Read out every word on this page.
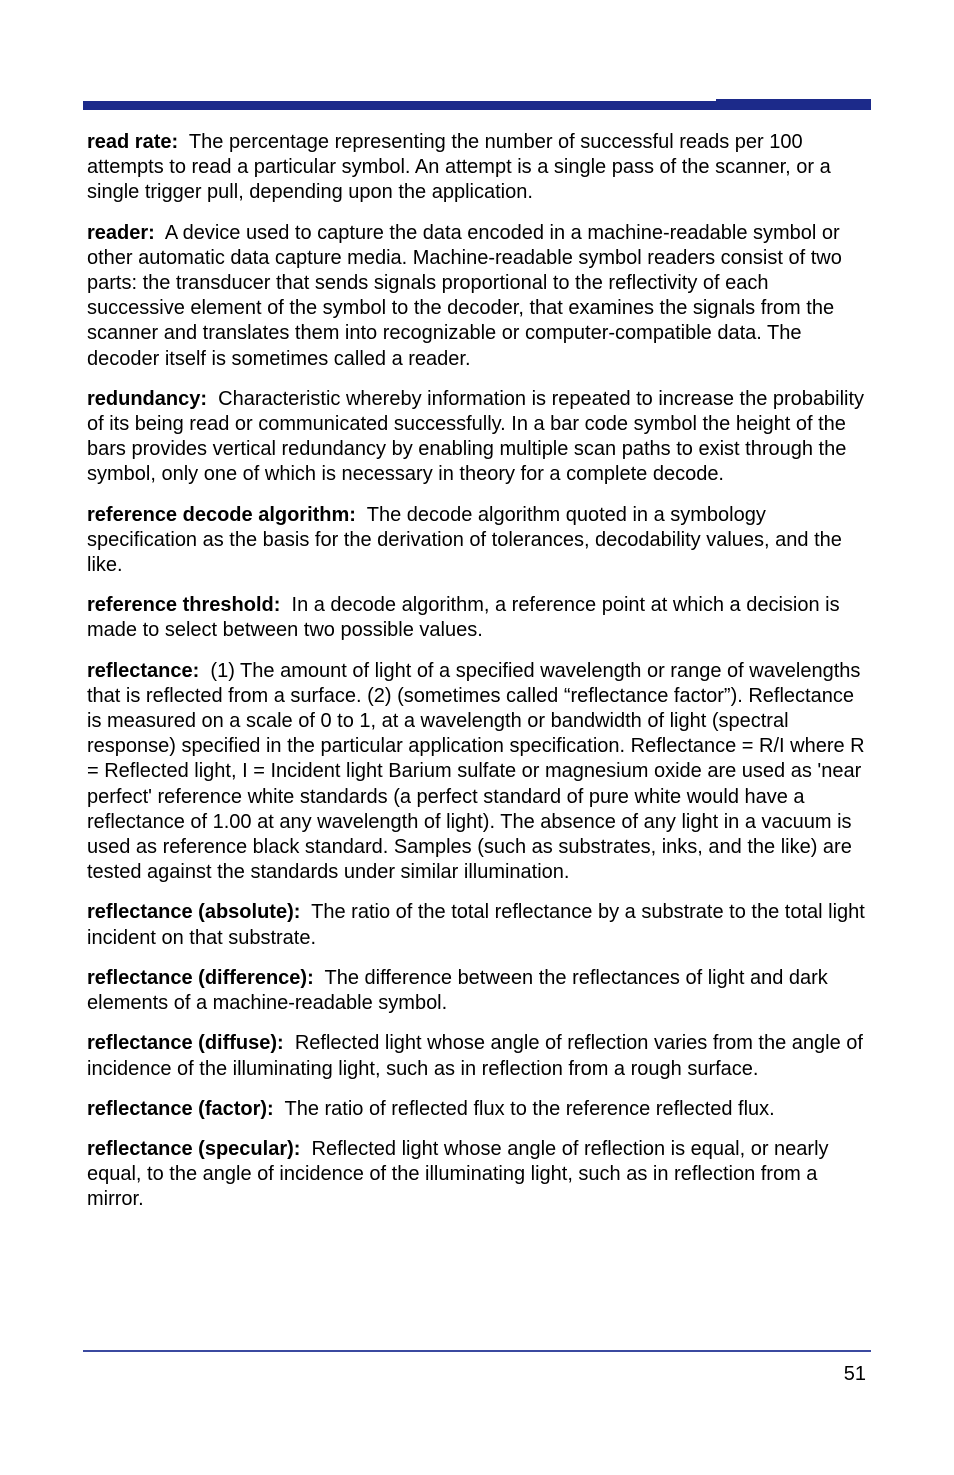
read rate: The percentage representing the number of successful reads per 100 attempts to read a particular symbol. An attempt is a single pass of the scanner, or a single trigger pull, depending upon the application.

reader: A device used to capture the data encoded in a machine-readable symbol or other automatic data capture media. Machine-readable symbol readers consist of two parts: the transducer that sends signals proportional to the reflectivity of each successive element of the symbol to the decoder, that examines the signals from the scanner and translates them into recognizable or computer-compatible data. The decoder itself is sometimes called a reader.

redundancy: Characteristic whereby information is repeated to increase the probability of its being read or communicated successfully. In a bar code symbol the height of the bars provides vertical redundancy by enabling multiple scan paths to exist through the symbol, only one of which is necessary in theory for a complete decode.

reference decode algorithm: The decode algorithm quoted in a symbology specification as the basis for the derivation of tolerances, decodability values, and the like.

reference threshold: In a decode algorithm, a reference point at which a decision is made to select between two possible values.

reflectance: (1) The amount of light of a specified wavelength or range of wavelengths that is reflected from a surface. (2) (sometimes called “reflectance factor”). Reflectance is measured on a scale of 0 to 1, at a wavelength or bandwidth of light (spectral response) specified in the particular application specification. Reflectance = R/I where R = Reflected light, I = Incident light Barium sulfate or magnesium oxide are used as 'near perfect' reference white standards (a perfect standard of pure white would have a reflectance of 1.00 at any wavelength of light). The absence of any light in a vacuum is used as reference black standard. Samples (such as substrates, inks, and the like) are tested against the standards under similar illumination.

reflectance (absolute): The ratio of the total reflectance by a substrate to the total light incident on that substrate.

reflectance (difference): The difference between the reflectances of light and dark elements of a machine-readable symbol.

reflectance (diffuse): Reflected light whose angle of reflection varies from the angle of incidence of the illuminating light, such as in reflection from a rough surface.

reflectance (factor): The ratio of reflected flux to the reference reflected flux.

reflectance (specular): Reflected light whose angle of reflection is equal, or nearly equal, to the angle of incidence of the illuminating light, such as in reflection from a mirror.

51
